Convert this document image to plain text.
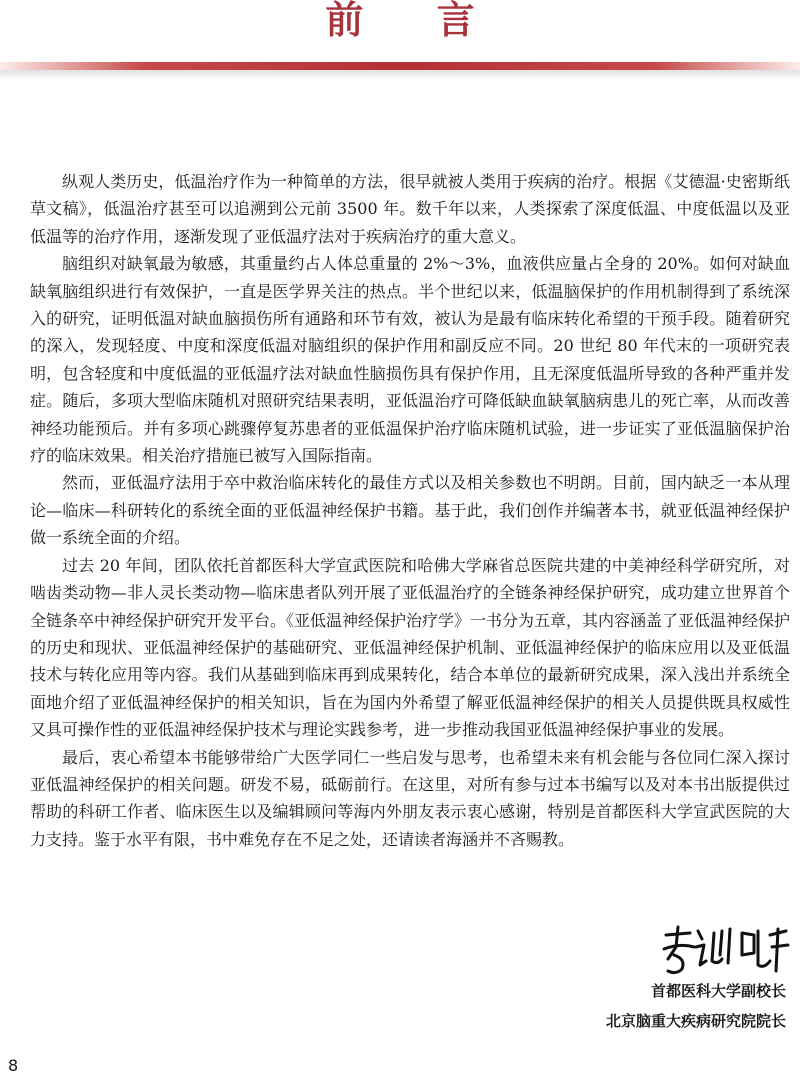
前 言

纵观人类历史，低温治疗作为一种简单的方法，很早就被人类用于疾病的治疗。根据《艾德温·史密斯纸草文稿》，低温治疗甚至可以追溯到公元前 3500 年。数千年以来，人类探索了深度低温、中度低温以及亚低温等的治疗作用，逐渐发现了亚低温疗法对于疾病治疗的重大意义。

脑组织对缺氧最为敏感，其重量约占人体总重量的 2%～3%，血液供应量占全身的 20%。如何对缺血缺氧脑组织进行有效保护，一直是医学界关注的热点。半个世纪以来，低温脑保护的作用机制得到了系统深入的研究，证明低温对缺血脑损伤所有通路和环节有效，被认为是最有临床转化希望的干预手段。随着研究的深入，发现轻度、中度和深度低温对脑组织的保护作用和副反应不同。20 世纪 80 年代末的一项研究表明，包含轻度和中度低温的亚低温疗法对缺血性脑损伤具有保护作用，且无深度低温所导致的各种严重并发症。随后，多项大型临床随机对照研究结果表明，亚低温治疗可降低缺血缺氧脑病患儿的死亡率，从而改善神经功能预后。并有多项心跳骤停复苏患者的亚低温保护治疗临床随机试验，进一步证实了亚低温脑保护治疗的临床效果。相关治疗措施已被写入国际指南。

然而，亚低温疗法用于卒中救治临床转化的最佳方式以及相关参数也不明朗。目前，国内缺乏一本从理论—临床—科研转化的系统全面的亚低温神经保护书籍。基于此，我们创作并编著本书，就亚低温神经保护做一系统全面的介绍。

过去 20 年间，团队依托首都医科大学宣武医院和哈佛大学麻省总医院共建的中美神经科学研究所，对啮齿类动物—非人灵长类动物—临床患者队列开展了亚低温治疗的全链条神经保护研究，成功建立世界首个全链条卒中神经保护研究开发平台。《亚低温神经保护治疗学》一书分为五章，其内容涵盖了亚低温神经保护的历史和现状、亚低温神经保护的基础研究、亚低温神经保护机制、亚低温神经保护的临床应用以及亚低温技术与转化应用等内容。我们从基础到临床再到成果转化，结合本单位的最新研究成果，深入浅出并系统全面地介绍了亚低温神经保护的相关知识，旨在为国内外希望了解亚低温神经保护的相关人员提供既具权威性又具可操作性的亚低温神经保护技术与理论实践参考，进一步推动我国亚低温神经保护事业的发展。

最后，衷心希望本书能够带给广大医学同仁一些启发与思考，也希望未来有机会能与各位同仁深入探讨亚低温神经保护的相关问题。研发不易，砥砺前行。在这里，对所有参与过本书编写以及对本书出版提供过帮助的科研工作者、临床医生以及编辑顾问等海内外朋友表示衷心感谢，特别是首都医科大学宣武医院的大力支持。鉴于水平有限，书中难免存在不足之处，还请读者海涵并不吝赐教。

首都医科大学副校长
北京脑重大疾病研究院院长
8
